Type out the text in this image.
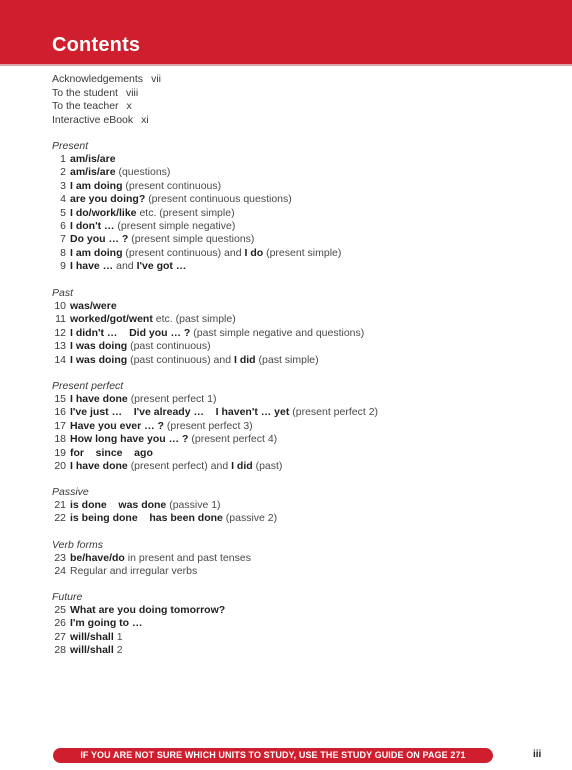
Contents
Acknowledgements vii
To the student viii
To the teacher x
Interactive eBook xi
Present
1 am/is/are
2 am/is/are (questions)
3 I am doing (present continuous)
4 are you doing? (present continuous questions)
5 I do/work/like etc. (present simple)
6 I don't … (present simple negative)
7 Do you … ? (present simple questions)
8 I am doing (present continuous) and I do (present simple)
9 I have … and I've got …
Past
10 was/were
11 worked/got/went etc. (past simple)
12 I didn't …    Did you … ? (past simple negative and questions)
13 I was doing (past continuous)
14 I was doing (past continuous) and I did (past simple)
Present perfect
15 I have done (present perfect 1)
16 I've just …    I've already …    I haven't … yet (present perfect 2)
17 Have you ever … ? (present perfect 3)
18 How long have you … ? (present perfect 4)
19 for    since    ago
20 I have done (present perfect) and I did (past)
Passive
21 is done    was done (passive 1)
22 is being done    has been done (passive 2)
Verb forms
23 be/have/do in present and past tenses
24 Regular and irregular verbs
Future
25 What are you doing tomorrow?
26 I'm going to …
27 will/shall 1
28 will/shall 2
IF YOU ARE NOT SURE WHICH UNITS TO STUDY, USE THE STUDY GUIDE ON PAGE 271	iii
